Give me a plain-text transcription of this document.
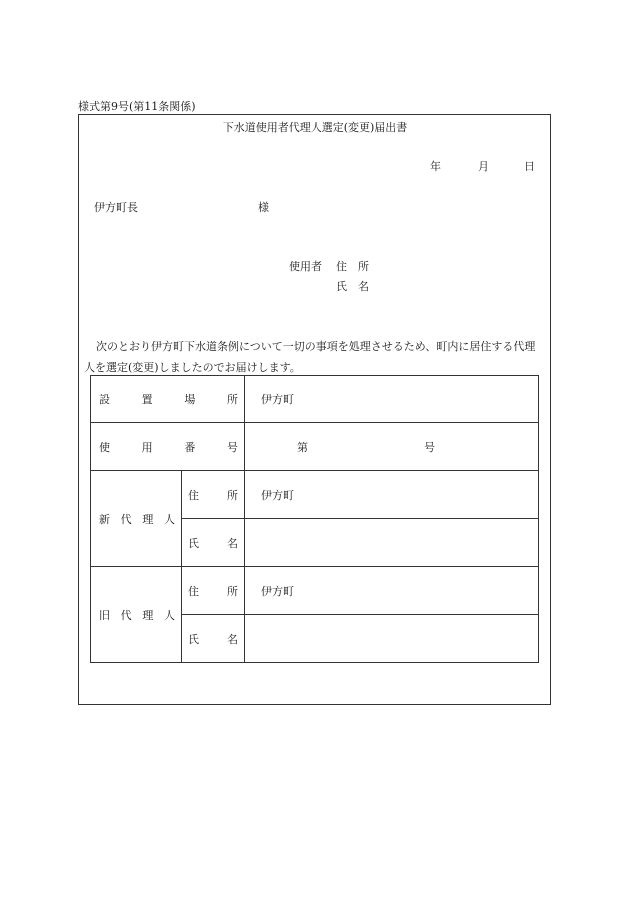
様式第9号(第11条関係)
下水道使用者代理人選定(変更)届出書
年	月	日
伊方町長	様
使用者 住　所
氏　名
次のとおり伊方町下水道条例について一切の事項を処理させるため、町内に居住する代理人を選定(変更)しましたのでお届けします。
設 置 場 所		伊方町

使 用 番 号		第 号

新 代 理 人	住 所	伊方町

	氏 名	

旧 代 理 人	住 所	伊方町

	氏 名	
